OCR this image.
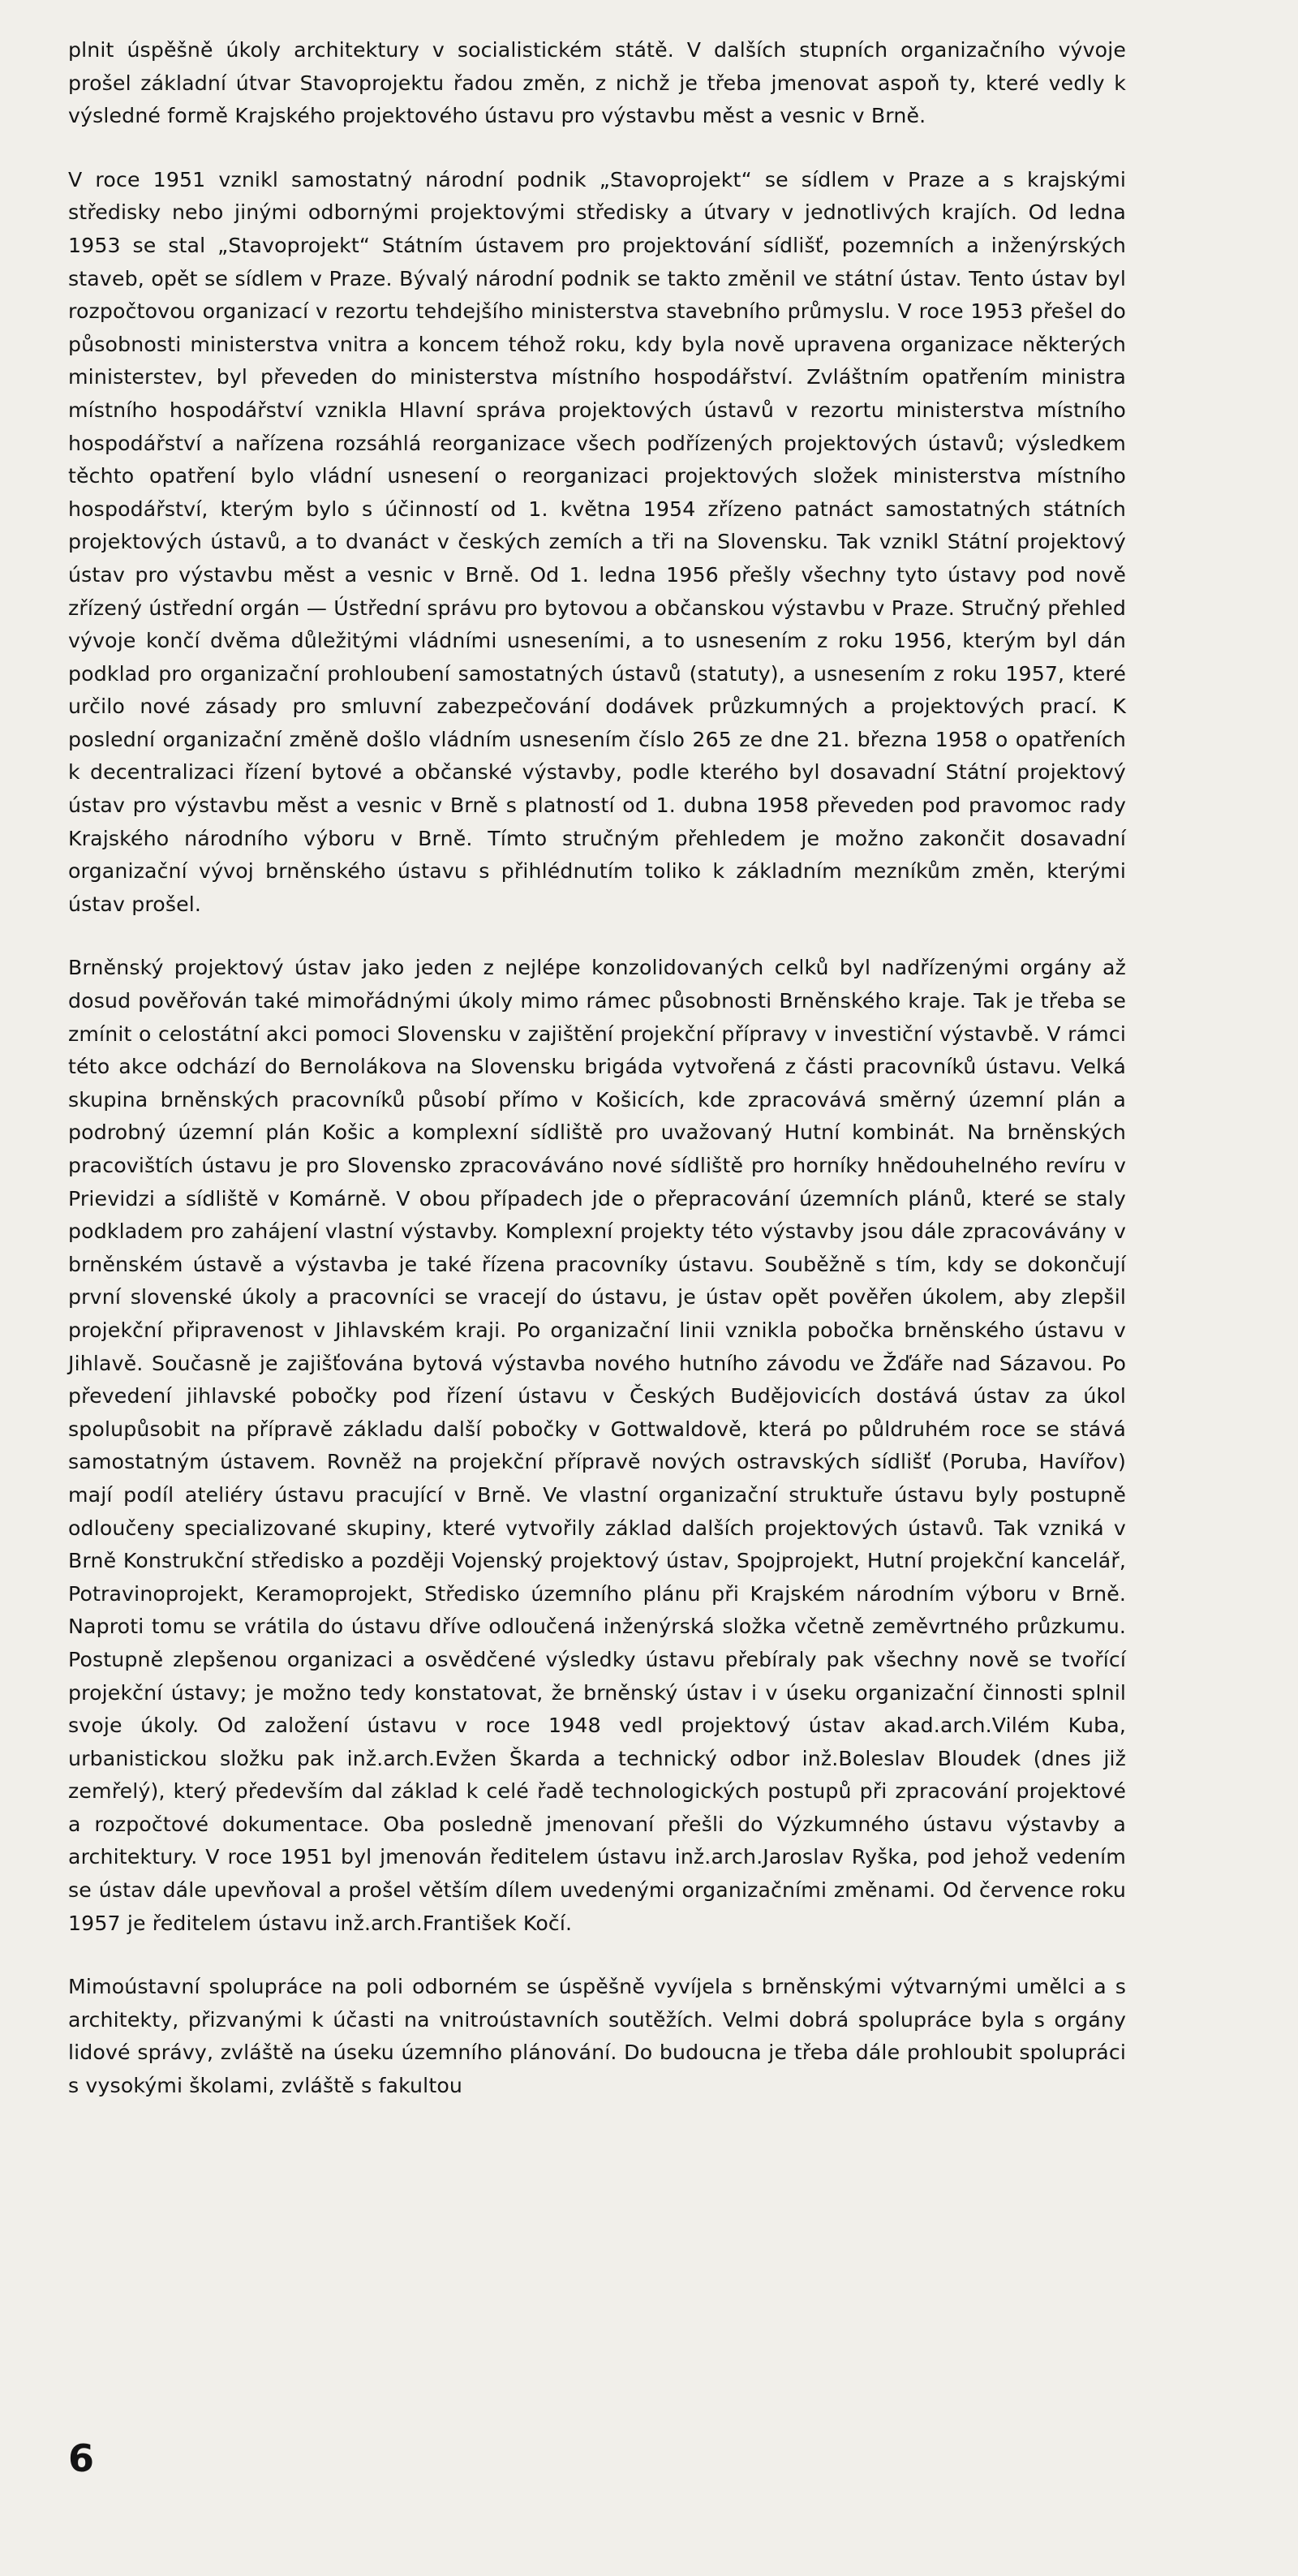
plnit úspěšně úkoly architektury v socialistickém státě. V dalších stupních organizačního vývoje prošel základní útvar Stavoprojektu řadou změn, z nichž je třeba jmenovat aspoň ty, které vedly k výsledné formě Krajského projektového ústavu pro výstavbu měst a vesnic v Brně.

V roce 1951 vznikl samostatný národní podnik „Stavoprojekt“ se sídlem v Praze a s krajskými středisky nebo jinými odbornými projektovými středisky a útvary v jednotlivých krajích. Od ledna 1953 se stal „Stavoprojekt“ Státním ústavem pro projektování sídlišť, pozemních a inženýrských staveb, opět se sídlem v Praze. Bývalý národní podnik se takto změnil ve státní ústav. Tento ústav byl rozpočtovou organizací v rezortu tehdejšího ministerstva stavebního průmyslu. V roce 1953 přešel do působnosti ministerstva vnitra a koncem téhož roku, kdy byla nově upravena organizace některých ministerstev, byl převeden do ministerstva místního hospodářství. Zvláštním opatřením ministra místního hospodářství vznikla Hlavní správa projektových ústavů v rezortu ministerstva místního hospodářství a nařízena rozsáhlá reorganizace všech podřízených projektových ústavů; výsledkem těchto opatření bylo vládní usnesení o reorganizaci projektových složek ministerstva místního hospodářství, kterým bylo s účinností od 1. května 1954 zřízeno patnáct samostatných státních projektových ústavů, a to dvanáct v českých zemích a tři na Slovensku. Tak vznikl Státní projektový ústav pro výstavbu měst a vesnic v Brně. Od 1. ledna 1956 přešly všechny tyto ústavy pod nově zřízený ústřední orgán — Ústřední správu pro bytovou a občanskou výstavbu v Praze. Stručný přehled vývoje končí dvěma důležitými vládními usneseními, a to usnesením z roku 1956, kterým byl dán podklad pro organizační prohloubení samostatných ústavů (statuty), a usnesením z roku 1957, které určilo nové zásady pro smluvní zabezpečování dodávek průzkumných a projektových prací. K poslední organizační změně došlo vládním usnesením číslo 265 ze dne 21. března 1958 o opatřeních k decentralizaci řízení bytové a občanské výstavby, podle kterého byl dosavadní Státní projektový ústav pro výstavbu měst a vesnic v Brně s platností od 1. dubna 1958 převeden pod pravomoc rady Krajského národního výboru v Brně. Tímto stručným přehledem je možno zakončit dosavadní organizační vývoj brněnského ústavu s přihlédnutím toliko k základním mezníkům změn, kterými ústav prošel.

Brněnský projektový ústav jako jeden z nejlépe konzolidovaných celků byl nadřízenými orgány až dosud pověřován také mimořádnými úkoly mimo rámec působnosti Brněnského kraje. Tak je třeba se zmínit o celostátní akci pomoci Slovensku v zajištění projekční přípravy v investiční výstavbě. V rámci této akce odchází do Bernolákova na Slovensku brigáda vytvořená z části pracovníků ústavu. Velká skupina brněnských pracovníků působí přímo v Košicích, kde zpracovává směrný územní plán a podrobný územní plán Košic a komplexní sídliště pro uvažovaný Hutní kombinát. Na brněnských pracovištích ústavu je pro Slovensko zpracováváno nové sídliště pro horníky hnědouhelného revíru v Prievidzi a sídliště v Komárně. V obou případech jde o přepracování územních plánů, které se staly podkladem pro zahájení vlastní výstavby. Komplexní projekty této výstavby jsou dále zpracovávány v brněnském ústavě a výstavba je také řízena pracovníky ústavu. Souběžně s tím, kdy se dokončují první slovenské úkoly a pracovníci se vracejí do ústavu, je ústav opět pověřen úkolem, aby zlepšil projekční připravenost v Jihlavském kraji. Po organizační linii vznikla pobočka brněnského ústavu v Jihlavě. Současně je zajišťována bytová výstavba nového hutního závodu ve Žďáře nad Sázavou. Po převedení jihlavské pobočky pod řízení ústavu v Českých Budějovicích dostává ústav za úkol spolupůsobit na přípravě základu další pobočky v Gottwaldově, která po půldruhém roce se stává samostatným ústavem. Rovněž na projekční přípravě nových ostravských sídlišť (Poruba, Havířov) mají podíl ateliéry ústavu pracující v Brně. Ve vlastní organizační struktuře ústavu byly postupně odloučeny specializované skupiny, které vytvořily základ dalších projektových ústavů. Tak vzniká v Brně Konstrukční středisko a později Vojenský projektový ústav, Spojprojekt, Hutní projekční kancelář, Potravinoprojekt, Keramoprojekt, Středisko územního plánu při Krajském národním výboru v Brně. Naproti tomu se vrátila do ústavu dříve odloučená inženýrská složka včetně zeměvrtného průzkumu. Postupně zlepšenou organizaci a osvědčené výsledky ústavu přebíraly pak všechny nově se tvořící projekční ústavy; je možno tedy konstatovat, že brněnský ústav i v úseku organizační činnosti splnil svoje úkoly. Od založení ústavu v roce 1948 vedl projektový ústav akad.arch.Vilém Kuba, urbanistickou složku pak inž.arch.Evžen Škarda a technický odbor inž.Boleslav Bloudek (dnes již zemřelý), který především dal základ k celé řadě technologických postupů při zpracování projektové a rozpočtové dokumentace. Oba posledně jmenovaní přešli do Výzkumného ústavu výstavby a architektury. V roce 1951 byl jmenován ředitelem ústavu inž.arch.Jaroslav Ryška, pod jehož vedením se ústav dále upevňoval a prošel větším dílem uvedenými organizačními změnami. Od července roku 1957 je ředitelem ústavu inž.arch.František Kočí.

Mimoústavní spolupráce na poli odborném se úspěšně vyvíjela s brněnskými výtvarnými umělci a s architekty, přizvanými k účasti na vnitroústavních soutěžích. Velmi dobrá spolupráce byla s orgány lidové správy, zvláště na úseku územního plánování. Do budoucna je třeba dále prohloubit spolupráci s vysokými školami, zvláště s fakultou

6
